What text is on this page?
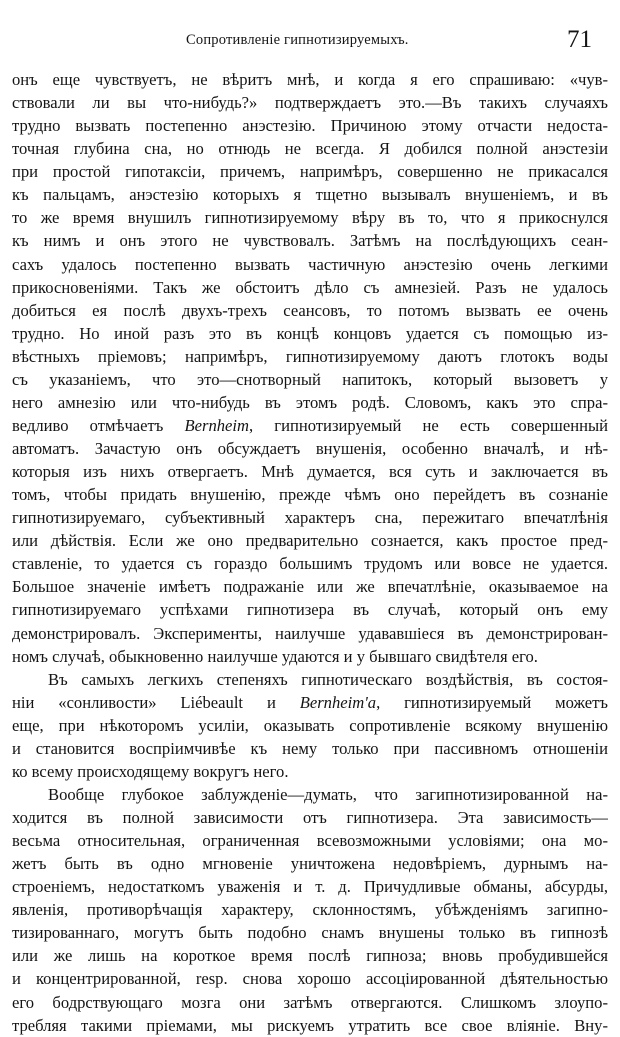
Сопротивленіе гипнотизируемыхъ.	71
онъ еще чувствуетъ, не вѣритъ мнѣ, и когда я его спрашиваю: «чув-
ствовали ли вы что-нибудь?» подтверждаетъ это.—Въ такихъ случаяхъ
трудно вызвать постепенно анэстезію. Причиною этому отчасти недоста-
точная глубина сна, но отнюдь не всегда. Я добился полной анэстезіи
при простой гипотаксіи, причемъ, напримѣръ, совершенно не прикасался
къ пальцамъ, анэстезію которыхъ я тщетно вызывалъ внушеніемъ, и въ
то же время внушилъ гипнотизируемому вѣру въ то, что я прикоснулся
къ нимъ и онъ этого не чувствовалъ. Затѣмъ на послѣдующихъ сеан-
сахъ удалось постепенно вызвать частичную анэстезію очень легкими
прикосновеніями. Такъ же обстоитъ дѣло съ амнезіей. Разъ не удалось
добиться ея послѣ двухъ-трехъ сеансовъ, то потомъ вызвать ее очень
трудно. Но иной разъ это въ концѣ концовъ удается съ помощью из-
вѣстныхъ пріемовъ; напримѣръ, гипнотизируемому даютъ глотокъ воды
съ указаніемъ, что это—снотворный напитокъ, который вызоветъ у
него амнезію или что-нибудь въ этомъ родѣ. Словомъ, какъ это спра-
ведливо отмѣчаетъ Bernheim, гипнотизируемый не есть совершенный
автоматъ. Зачастую онъ обсуждаетъ внушенія, особенно вначалѣ, и нѣ-
которыя изъ нихъ отвергаетъ. Мнѣ думается, вся суть и заключается въ
томъ, чтобы придать внушенію, прежде чѣмъ оно перейдетъ въ сознаніе
гипнотизируемаго, субъективный характеръ сна, пережитаго впечатлѣнія
или дѣйствія. Если же оно предварительно сознается, какъ простое пред-
ставленіе, то удается съ гораздо большимъ трудомъ или вовсе не удается.
Большое значеніе имѣетъ подражаніе или же впечатлѣніе, оказываемое на
гипнотизируемаго успѣхами гипнотизера въ случаѣ, который онъ ему
демонстрировалъ. Эксперименты, наилучше удававшіеся въ демонстрирован-
номъ случаѣ, обыкновенно наилучше удаются и у бывшаго свидѣтеля его.
Въ самыхъ легкихъ степеняхъ гипнотическаго воздѣйствія, въ состоя-
ніи «сонливости» Liébeault и Bernheim'a, гипнотизируемый можетъ
еще, при нѣкоторомъ усиліи, оказывать сопротивленіе всякому внушенію
и становится воспріимчивѣе къ нему только при пассивномъ отношеніи
ко всему происходящему вокругъ него.
Вообще глубокое заблужденіе—думать, что загипнотизированной на-
ходится въ полной зависимости отъ гипнотизера. Эта зависимость—
весьма относительная, ограниченная всевозможными условіями; она мо-
жетъ быть въ одно мгновеніе уничтожена недовѣріемъ, дурнымъ на-
строеніемъ, недостаткомъ уваженія и т. д. Причудливые обманы, абсурды,
явленія, противорѣчащія характеру, склонностямъ, убѣжденіямъ загипно-
тизированнаго, могутъ быть подобно снамъ внушены только въ гипнозѣ
или же лишь на короткое время послѣ гипноза; вновь пробудившейся
и концентрированной, resp. снова хорошо ассоціированной дѣятельностью
его бодрствующаго мозга они затѣмъ отвергаются. Слишкомъ злоупо-
требляя такими пріемами, мы рискуемъ утратить все свое вліяніе. Вну-
